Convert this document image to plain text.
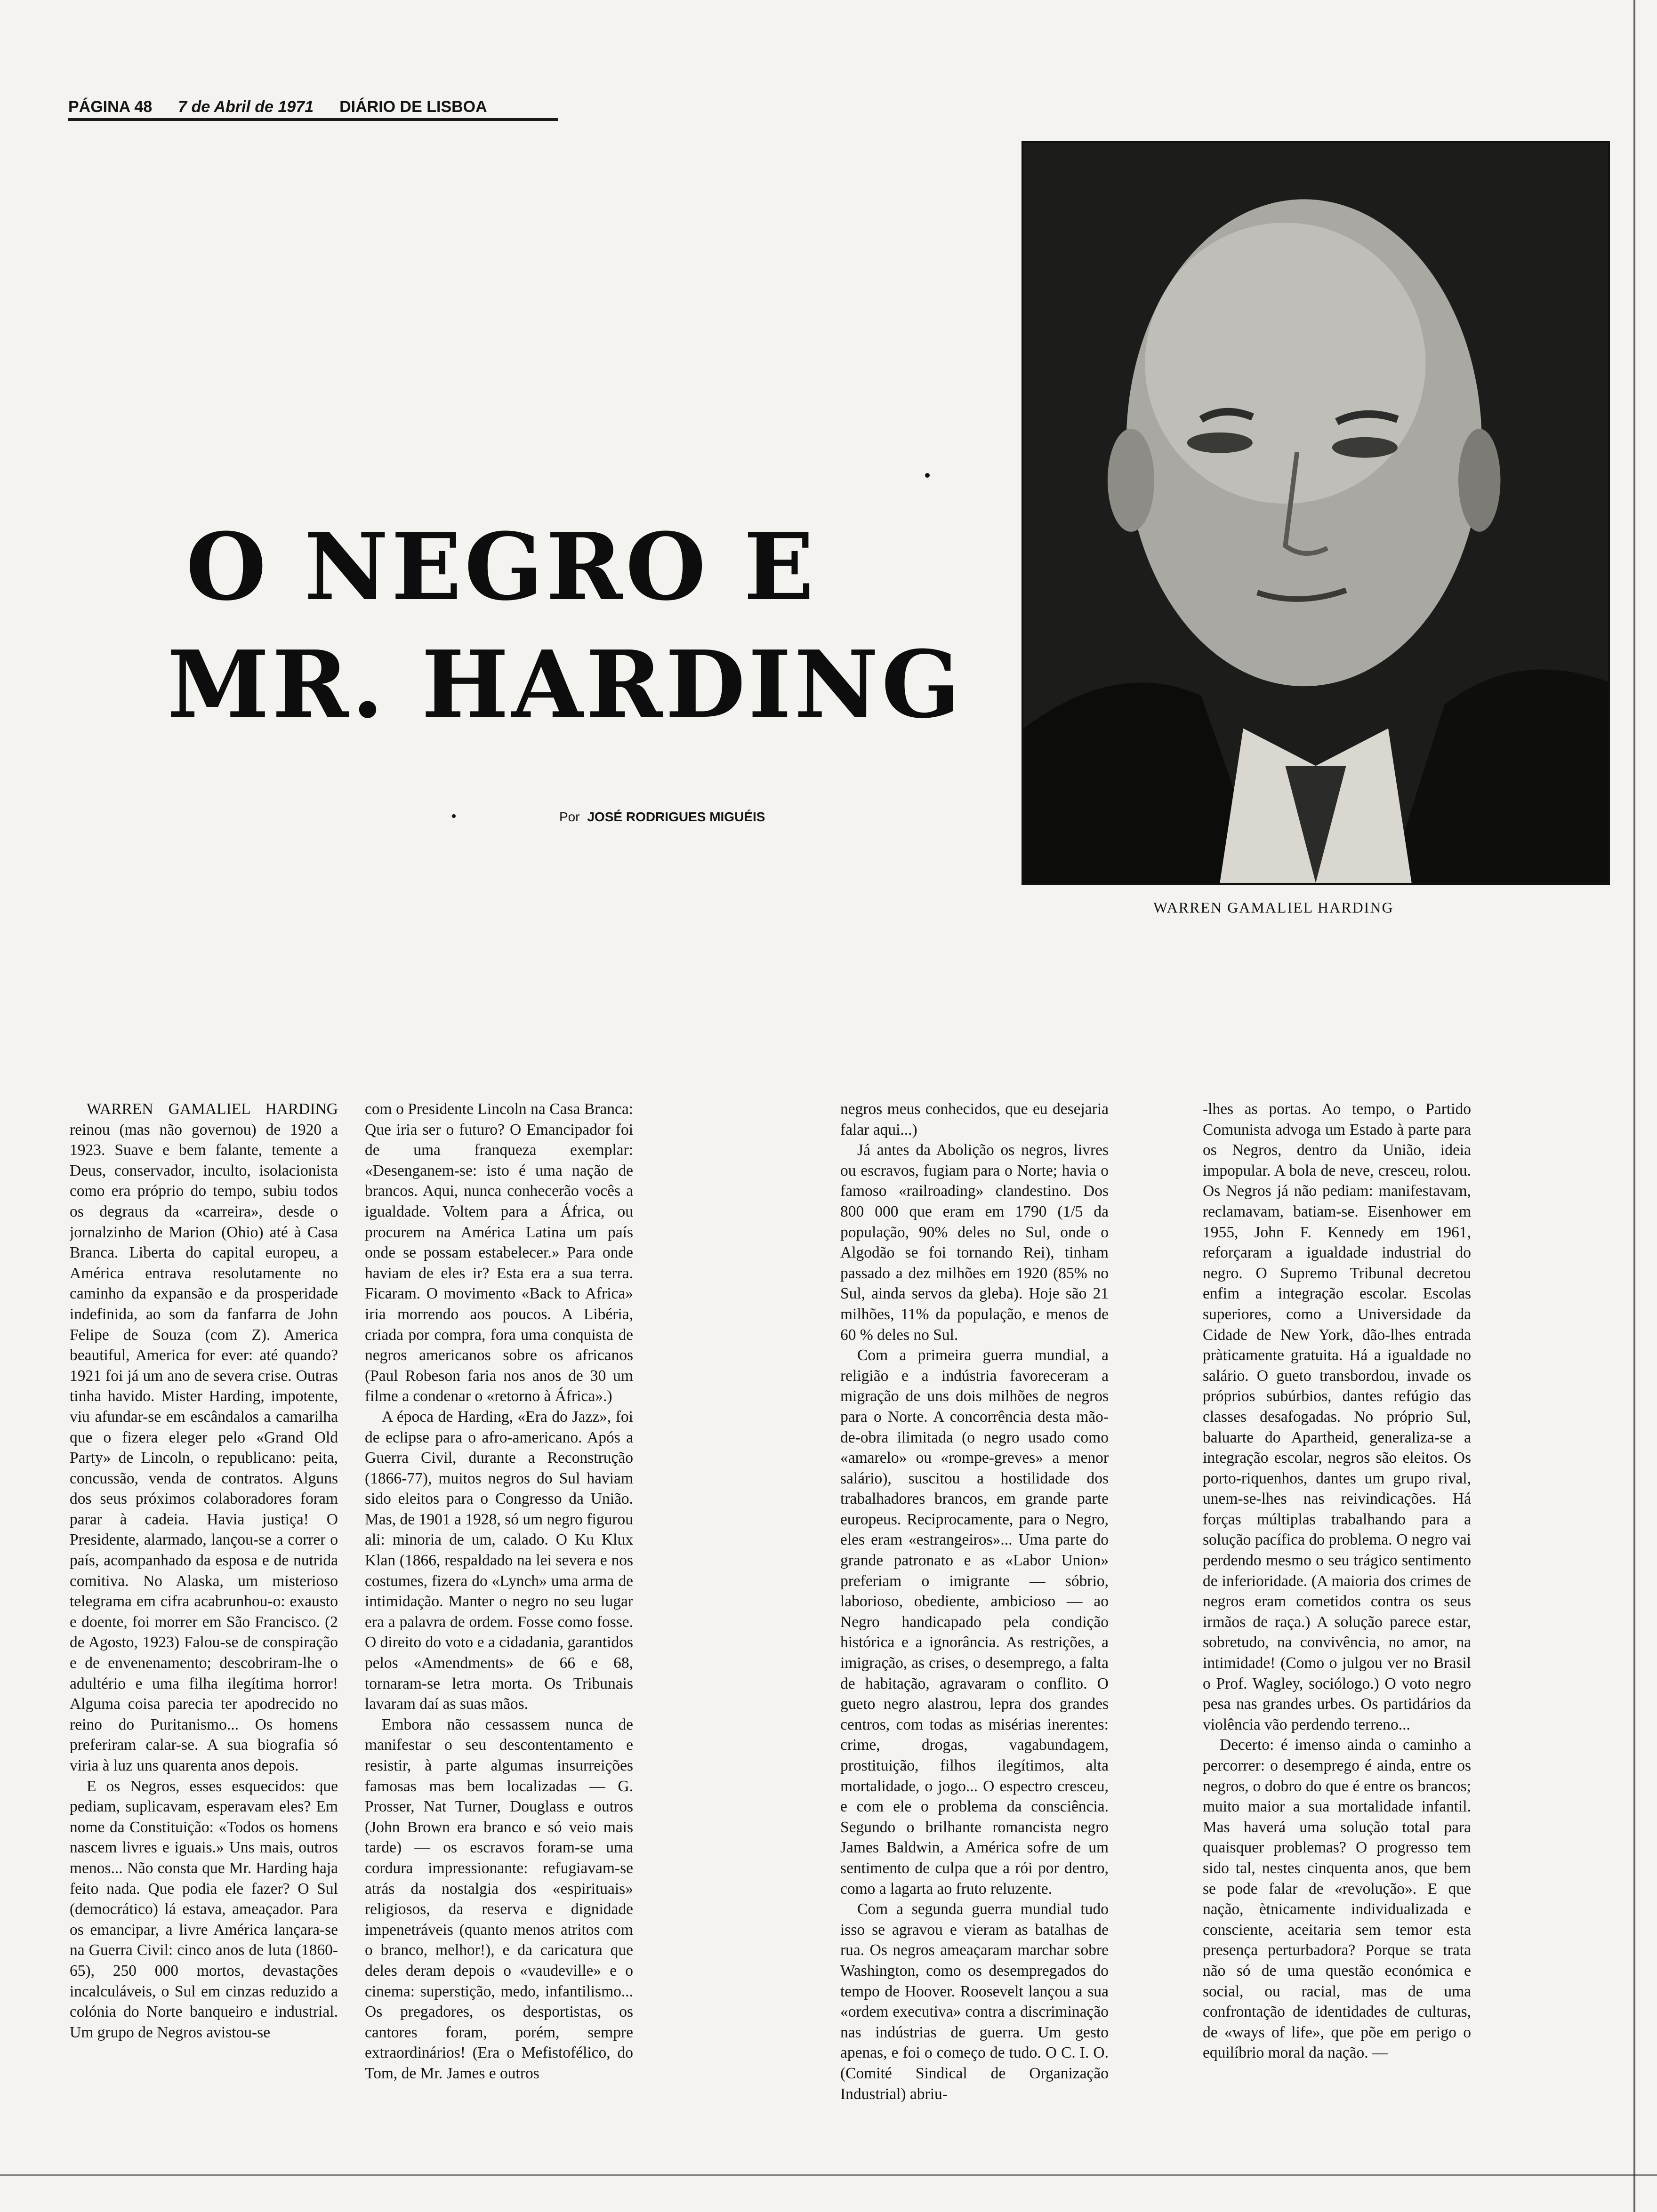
PÁGINA 48 7 de Abril de 1971 DIÁRIO DE LISBOA
O NEGRO E
MR. HARDING
Por JOSÉ RODRIGUES MIGUÉIS
WARREN GAMALIEL HARDING

WARREN GAMALIEL HARDING reinou (mas não governou) de 1920 a 1923. Suave e bem falante, temente a Deus, conservador, inculto, isolacionista como era próprio do tempo, subiu todos os degraus da «carreira», desde o jornalzinho de Marion (Ohio) até à Casa Branca. Liberta do capital europeu, a América entrava resolutamente no caminho da expansão e da prosperidade indefinida, ao som da fanfarra de John Felipe de Souza (com Z). America beautiful, America for ever: até quando? 1921 foi já um ano de severa crise. Outras tinha havido. Mister Harding, impotente, viu afundar-se em escândalos a camarilha que o fizera eleger pelo «Grand Old Party» de Lincoln, o republicano: peita, concussão, venda de contratos. Alguns dos seus próximos colaboradores foram parar à cadeia. Havia justiça! O Presidente, alarmado, lançou-se a correr o país, acompanhado da esposa e de nutrida comitiva. No Alaska, um misterioso telegrama em cifra acabrunhou-o: exausto e doente, foi morrer em São Francisco. (2 de Agosto, 1923) Falou-se de conspiração e de envenenamento; descobriram-lhe o adultério e uma filha ilegítima horror! Alguma coisa parecia ter apodrecido no reino do Puritanismo... Os homens preferiram calar-se. A sua biografia só viria à luz uns quarenta anos depois.

E os Negros, esses esquecidos: que pediam, suplicavam, esperavam eles? Em nome da Constituição: «Todos os homens nascem livres e iguais.» Uns mais, outros menos... Não consta que Mr. Harding haja feito nada. Que podia ele fazer? O Sul (democrático) lá estava, ameaçador. Para os emancipar, a livre América lançara-se na Guerra Civil: cinco anos de luta (1860-65), 250 000 mortos, devastações incalculáveis, o Sul em cinzas reduzido a colónia do Norte banqueiro e industrial. Um grupo de Negros avistou-se

com o Presidente Lincoln na Casa Branca: Que iria ser o futuro? O Emancipador foi de uma franqueza exemplar: «Desenganem-se: isto é uma nação de brancos. Aqui, nunca conhecerão vocês a igualdade. Voltem para a África, ou procurem na América Latina um país onde se possam estabelecer.» Para onde haviam de eles ir? Esta era a sua terra. Ficaram. O movimento «Back to Africa» iria morrendo aos poucos. A Libéria, criada por compra, fora uma conquista de negros americanos sobre os africanos (Paul Robeson faria nos anos de 30 um filme a condenar o «retorno à África».)

A época de Harding, «Era do Jazz», foi de eclipse para o afro-americano. Após a Guerra Civil, durante a Reconstrução (1866-77), muitos negros do Sul haviam sido eleitos para o Congresso da União. Mas, de 1901 a 1928, só um negro figurou ali: minoria de um, calado. O Ku Klux Klan (1866, respaldado na lei severa e nos costumes, fizera do «Lynch» uma arma de intimidação. Manter o negro no seu lugar era a palavra de ordem. Fosse como fosse. O direito do voto e a cidadania, garantidos pelos «Amendments» de 66 e 68, tornaram-se letra morta. Os Tribunais lavaram daí as suas mãos.

Embora não cessassem nunca de manifestar o seu descontentamento e resistir, à parte algumas insurreições famosas mas bem localizadas — G. Prosser, Nat Turner, Douglass e outros (John Brown era branco e só veio mais tarde) — os escravos foram-se uma cordura impressionante: refugiavam-se atrás da nostalgia dos «espirituais» religiosos, da reserva e dignidade impenetráveis (quanto menos atritos com o branco, melhor!), e da caricatura que deles deram depois o «vaudeville» e o cinema: superstição, medo, infantilismo... Os pregadores, os desportistas, os cantores foram, porém, sempre extraordinários! (Era o Mefistofélico, do Tom, de Mr. James e outros

negros meus conhecidos, que eu desejaria falar aqui...)

Já antes da Abolição os negros, livres ou escravos, fugiam para o Norte; havia o famoso «railroading» clandestino. Dos 800 000 que eram em 1790 (1/5 da população, 90% deles no Sul, onde o Algodão se foi tornando Rei), tinham passado a dez milhões em 1920 (85% no Sul, ainda servos da gleba). Hoje são 21 milhões, 11% da população, e menos de 60 % deles no Sul.

Com a primeira guerra mundial, a religião e a indústria favoreceram a migração de uns dois milhões de negros para o Norte. A concorrência desta mão-de-obra ilimitada (o negro usado como «amarelo» ou «rompe-greves» a menor salário), suscitou a hostilidade dos trabalhadores brancos, em grande parte europeus. Reciprocamente, para o Negro, eles eram «estrangeiros»... Uma parte do grande patronato e as «Labor Union» preferiam o imigrante — sóbrio, laborioso, obediente, ambicioso — ao Negro handicapado pela condição histórica e a ignorância. As restrições, a imigração, as crises, o desemprego, a falta de habitação, agravaram o conflito. O gueto negro alastrou, lepra dos grandes centros, com todas as misérias inerentes: crime, drogas, vagabundagem, prostituição, filhos ilegítimos, alta mortalidade, o jogo... O espectro cresceu, e com ele o problema da consciência. Segundo o brilhante romancista negro James Baldwin, a América sofre de um sentimento de culpa que a rói por dentro, como a lagarta ao fruto reluzente.

Com a segunda guerra mundial tudo isso se agravou e vieram as batalhas de rua. Os negros ameaçaram marchar sobre Washington, como os desempregados do tempo de Hoover. Roosevelt lançou a sua «ordem executiva» contra a discriminação nas indústrias de guerra. Um gesto apenas, e foi o começo de tudo. O C. I. O. (Comité Sindical de Organização Industrial) abriu-

-lhes as portas. Ao tempo, o Partido Comunista advoga um Estado à parte para os Negros, dentro da União, ideia impopular. A bola de neve, cresceu, rolou. Os Negros já não pediam: manifestavam, reclamavam, batiam-se. Eisenhower em 1955, John F. Kennedy em 1961, reforçaram a igualdade industrial do negro. O Supremo Tribunal decretou enfim a integração escolar. Escolas superiores, como a Universidade da Cidade de New York, dão-lhes entrada pràticamente gratuita. Há a igualdade no salário. O gueto transbordou, invade os próprios subúrbios, dantes refúgio das classes desafogadas. No próprio Sul, baluarte do Apartheid, generaliza-se a integração escolar, negros são eleitos. Os porto-riquenhos, dantes um grupo rival, unem-se-lhes nas reivindicações. Há forças múltiplas trabalhando para a solução pacífica do problema. O negro vai perdendo mesmo o seu trágico sentimento de inferioridade. (A maioria dos crimes de negros eram cometidos contra os seus irmãos de raça.) A solução parece estar, sobretudo, na convivência, no amor, na intimidade! (Como o julgou ver no Brasil o Prof. Wagley, sociólogo.) O voto negro pesa nas grandes urbes. Os partidários da violência vão perdendo terreno...

Decerto: é imenso ainda o caminho a percorrer: o desemprego é ainda, entre os negros, o dobro do que é entre os brancos; muito maior a sua mortalidade infantil. Mas haverá uma solução total para quaisquer problemas? O progresso tem sido tal, nestes cinquenta anos, que bem se pode falar de «revolução». E que nação, ètnicamente individualizada e consciente, aceitaria sem temor esta presença perturbadora? Porque se trata não só de uma questão económica e social, ou racial, mas de uma confrontação de identidades de culturas, de «ways of life», que põe em perigo o equilíbrio moral da nação. —
